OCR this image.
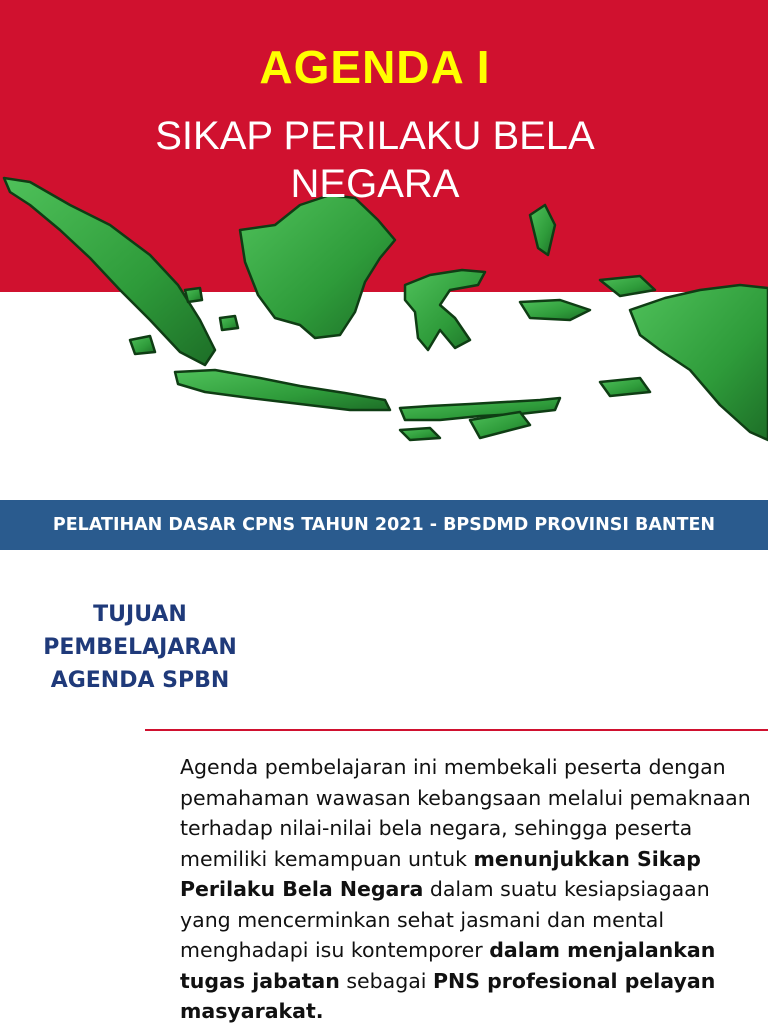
AGENDA I
SIKAP PERILAKU BELA NEGARA
PELATIHAN DASAR CPNS TAHUN 2021 - BPSDMD PROVINSI BANTEN
TUJUAN
PEMBELAJARAN
AGENDA SPBN

Agenda pembelajaran ini membekali peserta dengan pemahaman wawasan kebangsaan melalui pemaknaan terhadap nilai-nilai bela negara, sehingga peserta memiliki kemampuan untuk menunjukkan Sikap Perilaku Bela Negara dalam suatu kesiapsiagaan yang mencerminkan sehat jasmani dan mental menghadapi isu kontemporer dalam menjalankan tugas jabatan sebagai PNS profesional pelayan masyarakat.
